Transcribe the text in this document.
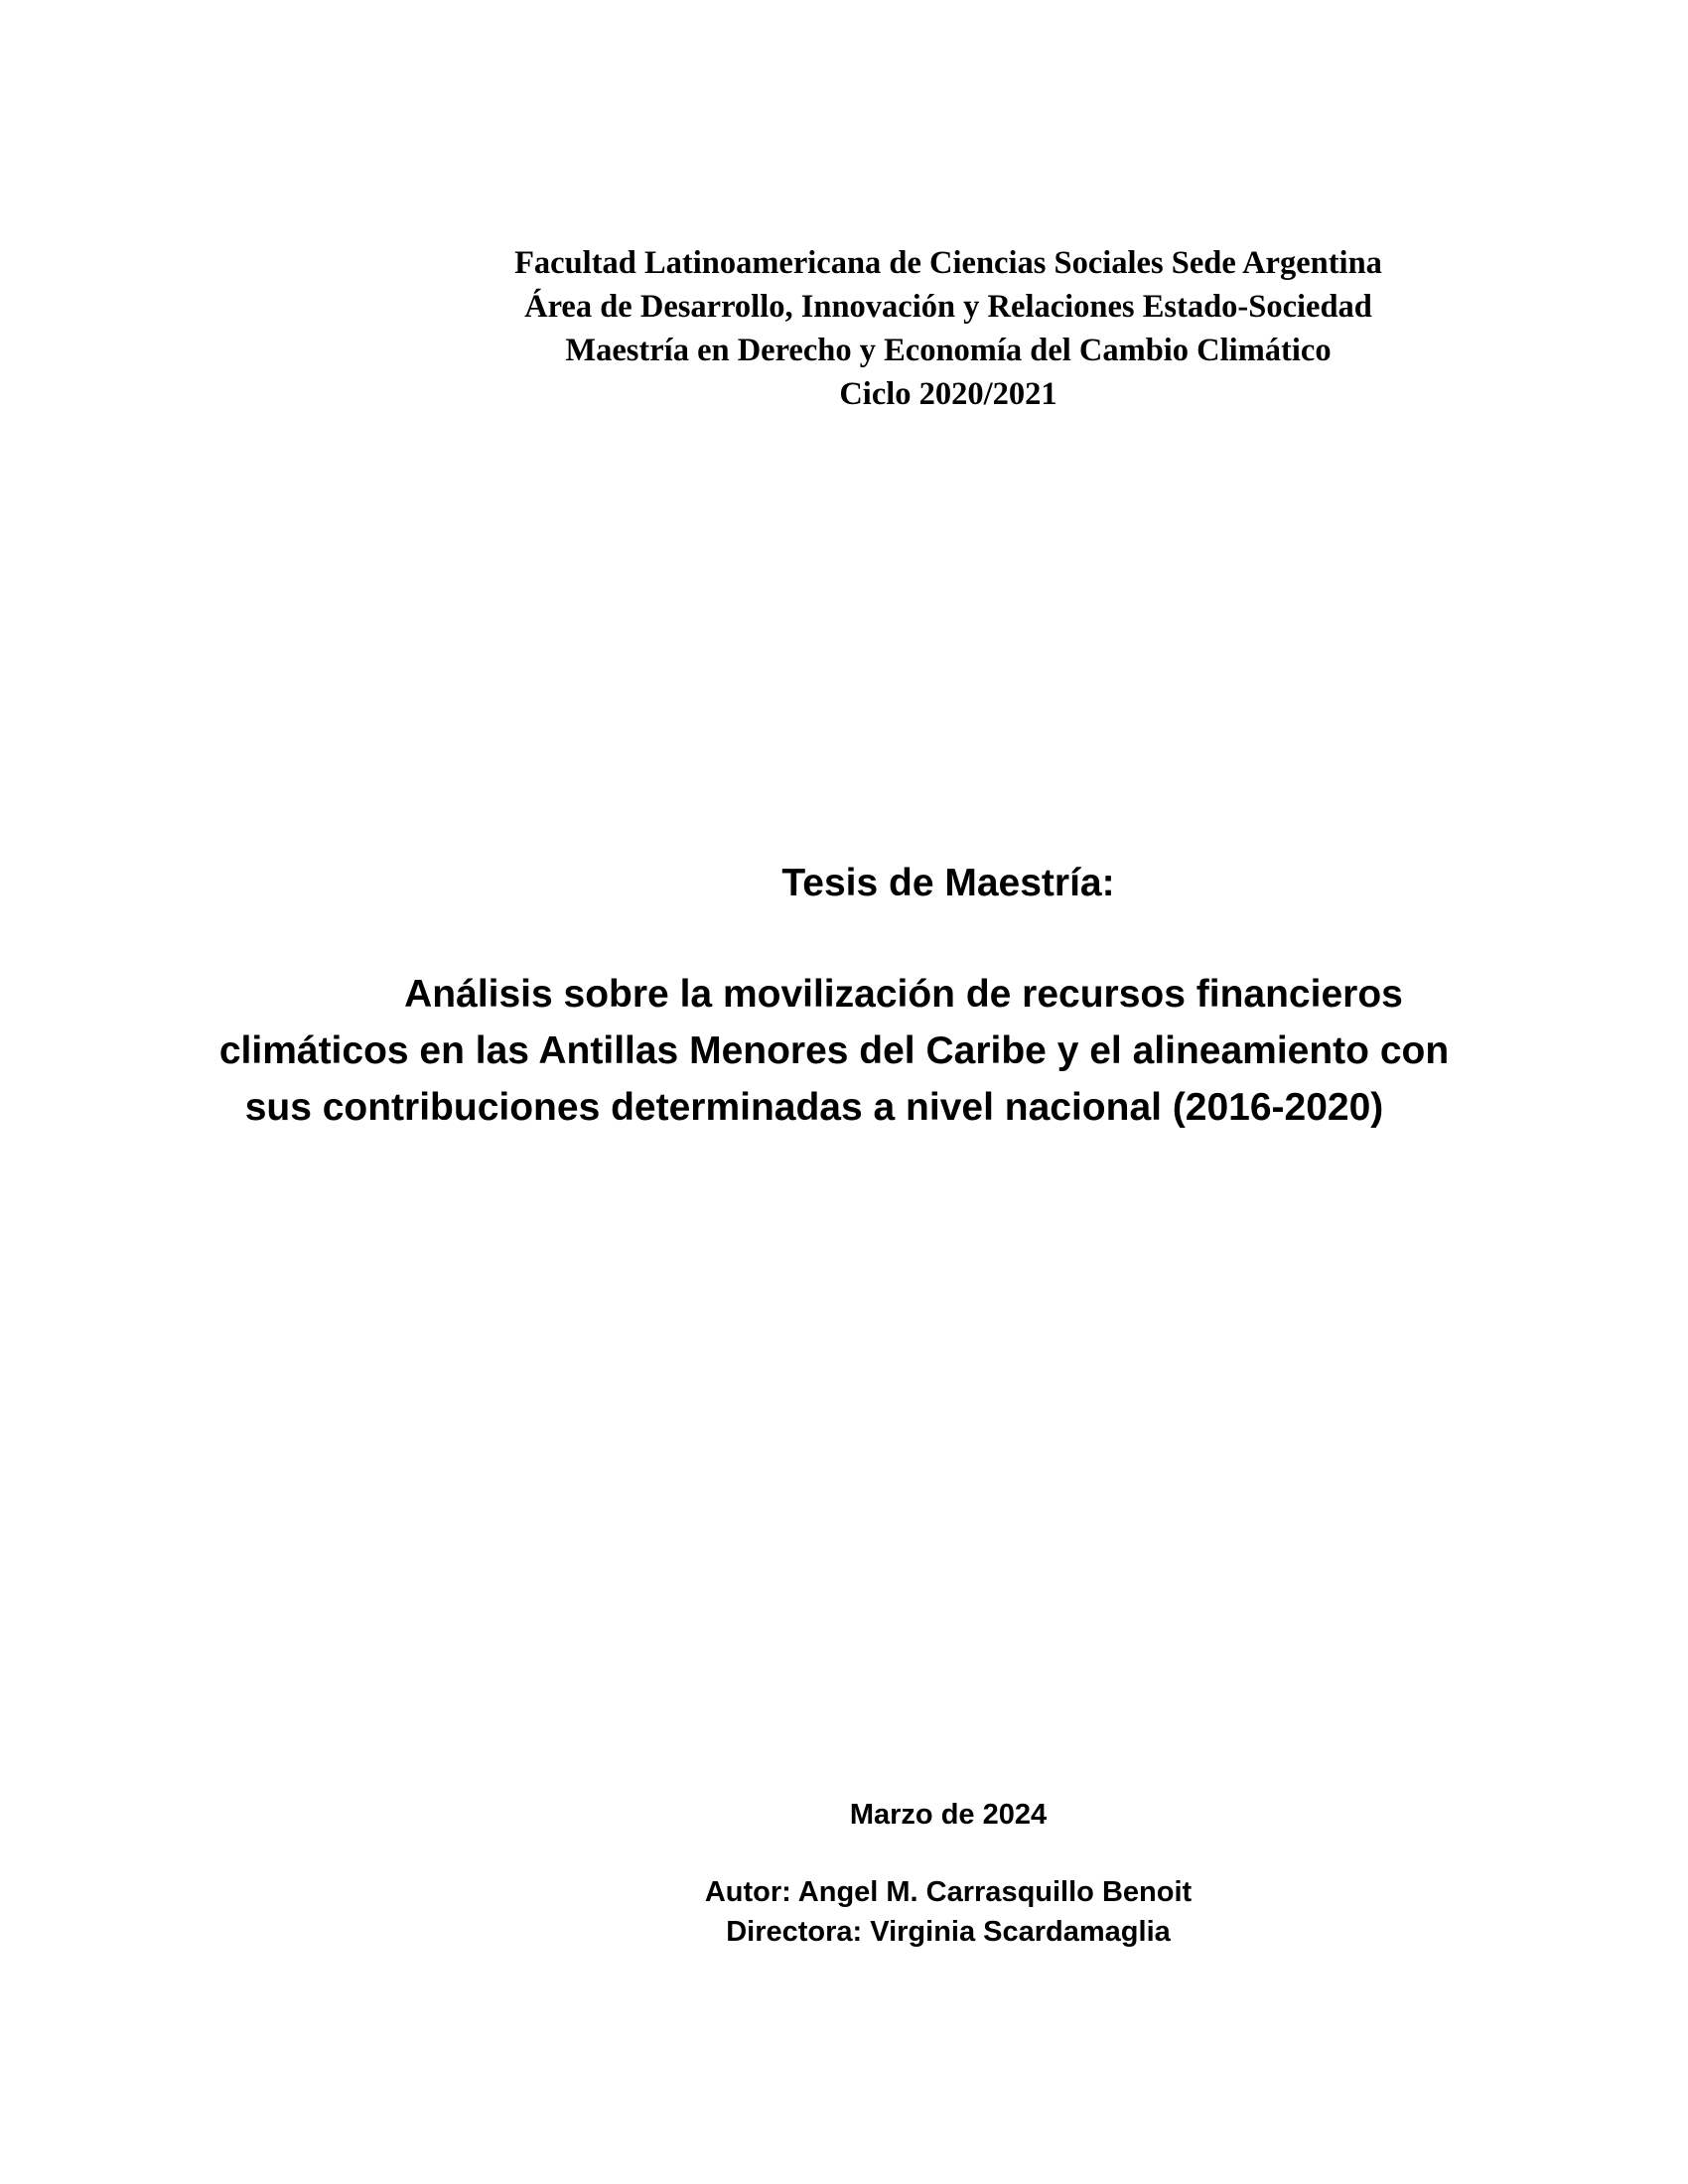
Facultad Latinoamericana de Ciencias Sociales Sede Argentina
Área de Desarrollo, Innovación y Relaciones Estado-Sociedad
Maestría en Derecho y Economía del Cambio Climático
Ciclo 2020/2021
Tesis de Maestría:
Análisis sobre la movilización de recursos financieros
climáticos en las Antillas Menores del Caribe y el alineamiento con
sus contribuciones determinadas a nivel nacional (2016-2020)
Marzo de 2024
Autor: Angel M. Carrasquillo Benoit
Directora: Virginia Scardamaglia
